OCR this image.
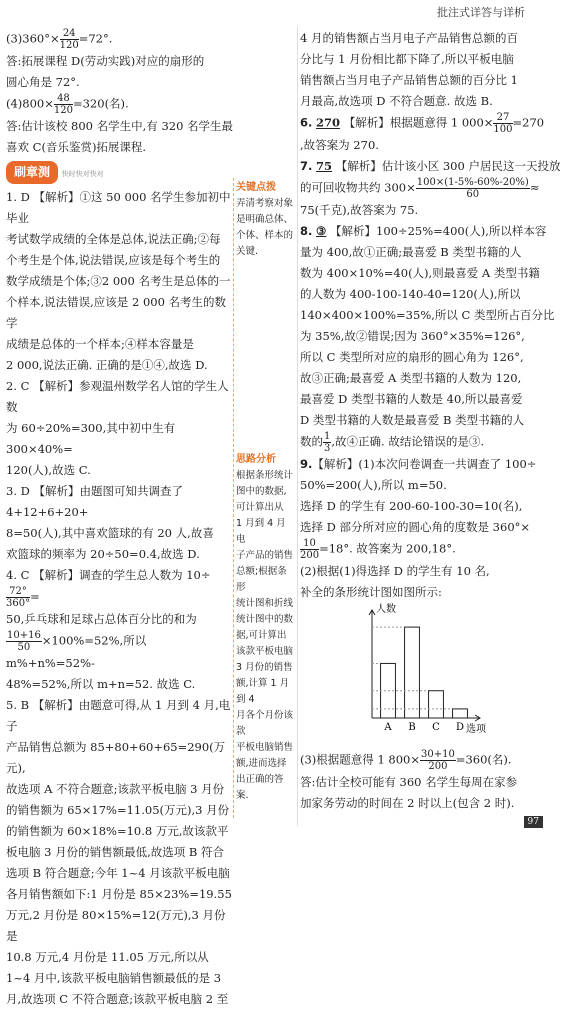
批注式详答与详析

$(3)360^\circ\times \frac{24}{120} =72^\circ$.

答:拓展课程 D(劳动实践)对应的扇形的

圆心角是 72°.

$(4)800\times \frac{48}{120} =320$(名).

答:估计该校 800 名学生中,有 320 名学生最

喜欢 C(音乐鉴赏)拓展课程.

刷章测 快时快对快对

1. D 【解析】①这 50 000 名学生参加初中毕业

考试数学成绩的全体是总体,说法正确;②每

个考生是个体,说法错误,应该是每个考生的

数学成绩是个体;③2 000 名考生是总体的一

个样本,说法错误,应该是 2 000 名考生的数学

成绩是总体的一个样本;④样本容量是

2 000,说法正确. 正确的是①④,故选 D.

2. C 【解析】参观温州数学名人馆的学生人数

为 60÷20%=300,其中初中生有 300×40%=

120(人),故选 C.

3. D 【解析】由题图可知共调查了 4+12+6+20+

8=50(人),其中喜欢篮球的有 20 人,故喜

欢篮球的频率为 20÷50=0.4,故选 D.

4. C 【解析】调查的学生总人数为 10÷
$\frac{72^\circ}{360^\circ}$ =

50,乒乓球和足球占总体百分比的和为

$\frac{10+16}{50} \times 100\%=52\%$,所以 m%+n%=52%-

48%=52%,所以 m+n=52. 故选 C.

5. B 【解析】由题意可得,从 1 月到 4 月,电子

产品销售总额为 85+80+60+65=290(万元),

故选项 A 不符合题意;该款平板电脑 3 月份

的销售额为 65×17%=11.05(万元),3 月份

的销售额为 60×18%=10.8 万元,故该款平

板电脑 3 月份的销售额最低,故选项 B 符合

选项 B 符合题意;今年 1~4 月该款平板电脑

各月销售额如下:1 月份是 85×23%=19.55

万元,2 月份是 80×15%=12(万元),3 月份是

10.8 万元,4 月份是 11.05 万元,所以从

1~4 月中,该款平板电脑销售额最低的是 3

月,故选项 C 不符合题意;该款平板电脑 2 至

关键点拨
弄清考察对象
是明确总体、
个体、样本的
关键.
思路分析
根据条形统计
图中的数据,
可计算出从
1 月到 4 月电
子产品的销售
总额;根据条形
统计图和折线
统计图中的数
据,可计算出
该款平板电脑
3 月份的销售
额,计算 1 月到 4
月各个月份该款
平板电脑销售
额,进而选择
出正确的答案.

4 月的销售额占当月电子产品销售总额的百

分比与 1 月份相比都下降了,所以平板电脑

销售额占当月电子产品销售总额的百分比 1

月最高,故选项 D 不符合题意. 故选 B.

6. 270 【解析】根据题意得 1 $000\times \frac{27}{100} =270$

,故答案为 270.

7. 75 【解析】估计该小区 300 户居民这一天投放

的可回收物共约 $300\times \frac{100\times(1-5\%-60\%-20\%)}{60}$ ≈

75(千克),故答案为 75.

8. ③ 【解析】100÷25%=400(人),所以样本容

量为 400,故①正确;最喜爱 B 类型书籍的人

数为 400×10%=40(人),则最喜爱 A 类型书籍

的人数为 400-100-140-40=120(人),所以

140×400×100%=35%,所以 C 类型所占百分比

为 35%,故②错误;因为 360°×35%=126°,

所以 C 类型所对应的扇形的圆心角为 126°,

故③正确;最喜爱 A 类型书籍的人数为 120,

最喜爱 D 类型书籍的人数是 40,所以最喜爱

D 类型书籍的人数是最喜爱 B 类型书籍的人

数的 $\frac{1}{3}$ ,故④正确. 故结论错误的是③.

9.【解析】(1)本次问卷调查一共调查了 100÷

50%=200(人),所以 m=50.

选择 D 的学生有 200-60-100-30=10(名),

选择 D 部分所对应的圆心角的度数是 360°×

$\frac{10}{200} =18^\circ$. 故答案为 200,18°.

(2)根据(1)得选择 D 的学生有 10 名,

补全的条形统计图如图所示:

(3)根据题意得 1 $800\times \frac{30+10}{200} =360$(名).

答:估计全校可能有 360 名学生每周在家参

加家务劳动的时间在 2 时以上(包含 2 时).

人数
选项
A B C D
97
